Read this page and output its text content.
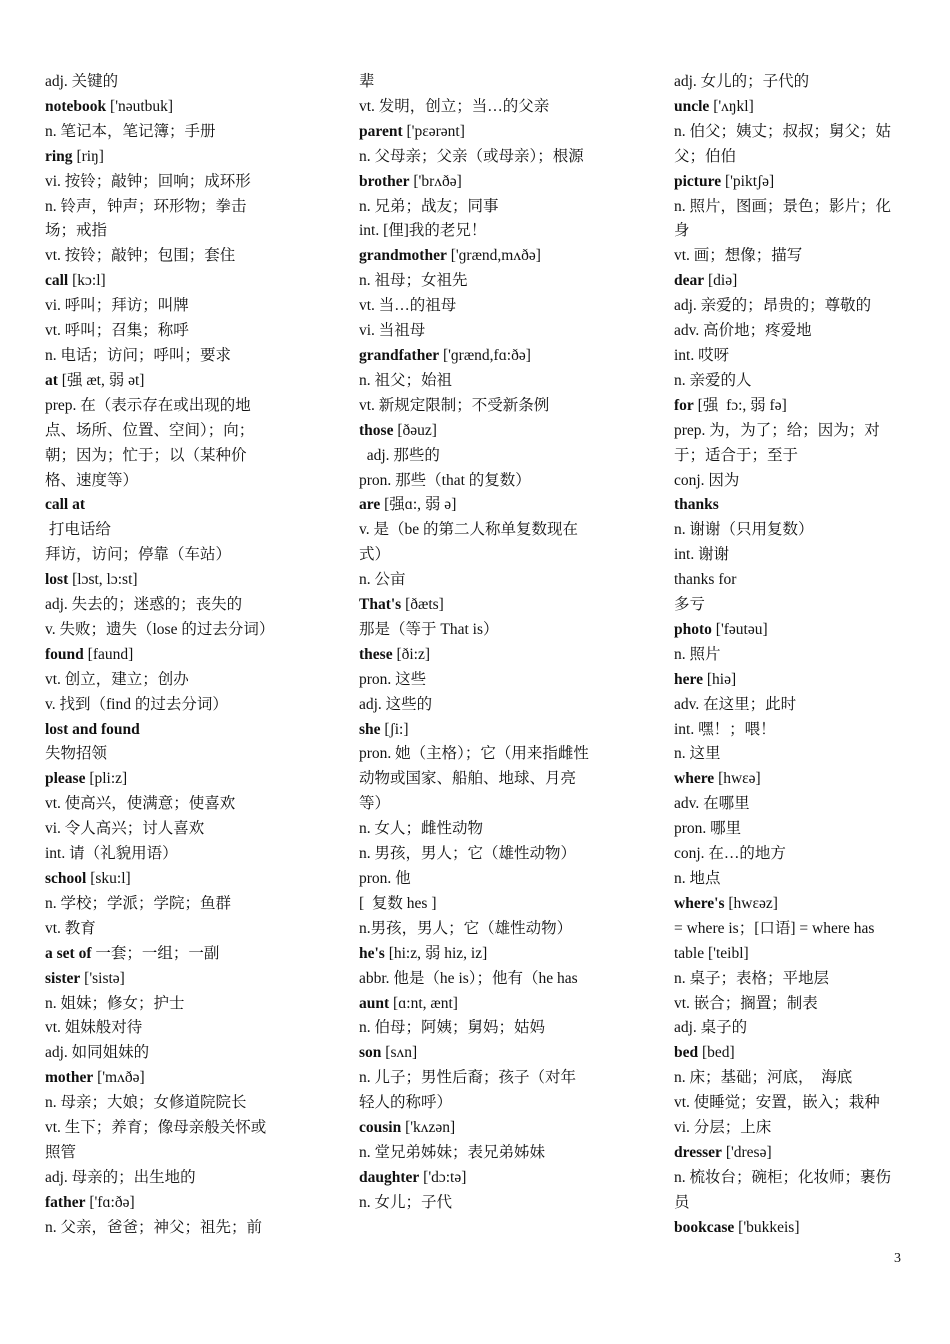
adj. 关键的
notebook ['nəutbuk]
n. 笔记本，笔记簿；手册
ring [riŋ]
vi. 按铃；敲钟；回响；成环形
n. 铃声，钟声；环形物；拳击场；戒指
vt. 按铃；敲钟；包围；套住
call [kɔ:l]
vi. 呼叫；拜访；叫牌
vt. 呼叫；召集；称呼
n. 电话；访问；呼叫；要求
at [强 æt, 弱 ət]
prep. 在（表示存在或出现的地点、场所、位置、空间）；向；朝；因为；忙于；以（某种价格、速度等）
call at
打电话给
拜访，访问；停靠（车站）
lost [lɔst, lɔ:st]
adj. 失去的；迷惑的；丧失的
v. 失败；遗失（lose 的过去分词）
found [faund]
vt. 创立，建立；创办
v. 找到（find 的过去分词）
lost and found
失物招领
please [pli:z]
vt. 使高兴，使满意；使喜欢
vi. 令人高兴；讨人喜欢
int. 请（礼貌用语）
school [sku:l]
n. 学校；学派；学院；鱼群
vt. 教育
a set of 一套；一组；一副
sister ['sistə]
n. 姐妹；修女；护士
vt. 姐妹般对待
adj. 如同姐妹的
mother ['mʌðə]
n. 母亲；大娘；女修道院院长
vt. 生下；养育；像母亲般关怀或照管
adj. 母亲的；出生地的
father ['fɑ:ðə]
n. 父亲，爸爸；神父；祖先；前
辈
vt. 发明，创立；当…的父亲
parent ['pεərənt]
n. 父母亲；父亲（或母亲）；根源
brother ['brʌðə]
n. 兄弟；战友；同事
int. [俚]我的老兄！
grandmother ['ɡrænd,mʌðə]
n. 祖母；女祖先
vt. 当…的祖母
vi. 当祖母
grandfather ['ɡrænd,fɑ:ðə]
n. 祖父；始祖
vt. 新规定限制；不受新条例
those [ðəuz]
adj. 那些的
pron. 那些（that 的复数）
are [强ɑ:, 弱 ə]
v. 是（be 的第二人称单复数现在式）
n. 公亩
That's [ðæts]
那是（等于 That is）
these [ði:z]
pron. 这些
adj. 这些的
she [ʃi:]
pron. 她（主格）；它（用来指雌性动物或国家、船舶、地球、月亮等）
n. 女人；雌性动物
n. 男孩，男人；它（雄性动物）
pron. 他
[  复数 hes ]
n.男孩，男人；它（雄性动物）
he's [hi:z, 弱 hiz, iz]
abbr. 他是（he is）；他有（he has
aunt [ɑ:nt, ænt]
n. 伯母；阿姨；舅妈；姑妈
son [sʌn]
n. 儿子；男性后裔；孩子（对年轻人的称呼）
cousin ['kʌzən]
n. 堂兄弟姊妹；表兄弟姊妹
daughter ['dɔ:tə]
n. 女儿；子代
adj. 女儿的；子代的
uncle ['ʌŋkl]
n. 伯父；姨丈；叔叔；舅父；姑父；伯伯
picture ['piktʃə]
n. 照片，图画；景色；影片；化身
vt. 画；想像；描写
dear [diə]
adj. 亲爱的；昂贵的；尊敬的
adv. 高价地；疼爱地
int. 哎呀
n. 亲爱的人
for [强  fɔ:, 弱 fə]
prep. 为，为了；给；因为；对于；适合于；至于
conj. 因为
thanks
n. 谢谢（只用复数）
int. 谢谢
thanks for
多亏
photo ['fəutəu]
n. 照片
here [hiə]
adv. 在这里；此时
int. 嘿！；喂！
n. 这里
where [hwεə]
adv. 在哪里
pron. 哪里
conj. 在…的地方
n. 地点
where's [hwεəz]
= where is；[口语] = where has
table ['teibl]
n. 桌子；表格；平地层
vt. 嵌合；搁置；制表
adj. 桌子的
bed [bed]
n. 床；基础；河底，  海底
vt. 使睡觉；安置，嵌入；栽种
vi. 分层；上床
dresser ['dresə]
n. 梳妆台；碗柜；化妆师；裹伤员
bookcase ['bukkeis]
3
